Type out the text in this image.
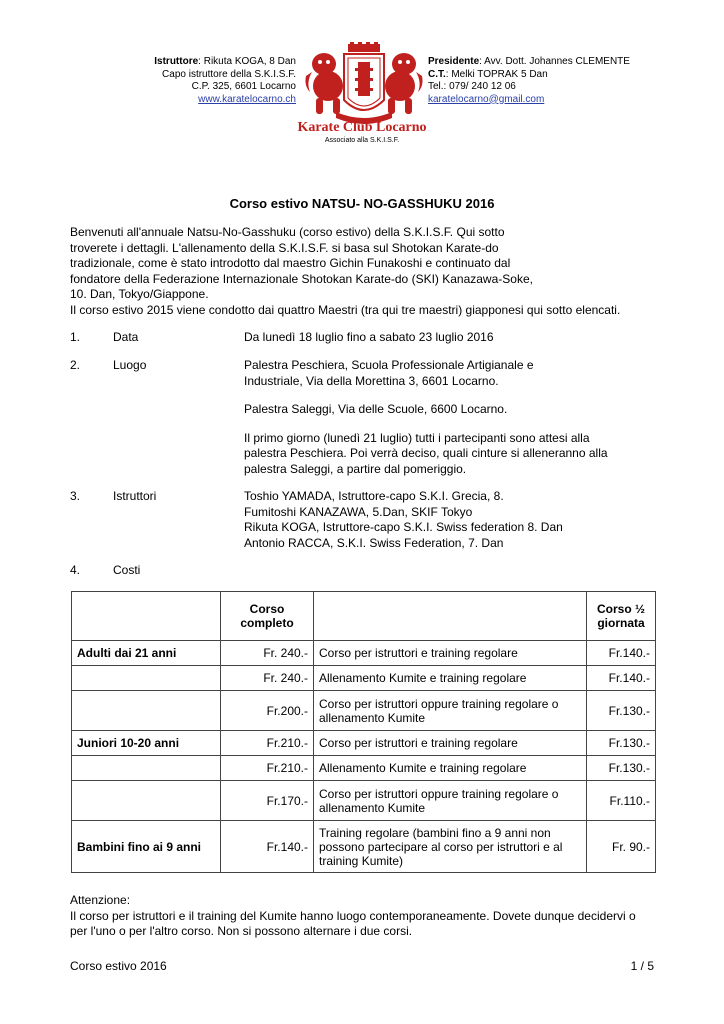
Istruttore: Rikuta KOGA, 8 Dan
Capo istruttore della S.K.I.S.F.
C.P. 325, 6601 Locarno
www.karatelocarno.ch
Presidente: Avv. Dott. Johannes CLEMENTE
C.T.: Melki TOPRAK 5 Dan
Tel.: 079/ 240 12 06
karatelocarno@gmail.com
Karate Club Locarno
Associato alla S.K.I.S.F.
Corso estivo NATSU- NO-GASSHUKU 2016
Benvenuti all'annuale Natsu-No-Gasshuku (corso estivo) della S.K.I.S.F. Qui sotto
troverete i dettagli. L'allenamento della S.K.I.S.F. si basa sul Shotokan Karate-do
tradizionale, come è stato introdotto dal maestro Gichin Funakoshi e continuato dal
fondatore della Federazione Internazionale Shotokan Karate-do (SKI) Kanazawa-Soke,
10. Dan, Tokyo/Giappone.
Il corso estivo 2015 viene condotto dai quattro Maestri (tra qui tre maestri) giapponesi qui sotto elencati.
1.	Data	Da lunedì 18 luglio fino a sabato 23 luglio 2016
2.	Luogo	Palestra Peschiera, Scuola Professionale Artigianale e
Industriale, Via della Morettina 3, 6601 Locarno.
Palestra Saleggi, Via delle Scuole, 6600 Locarno.
Il primo giorno (lunedì 21 luglio) tutti i partecipanti sono attesi alla
palestra Peschiera. Poi verrà deciso, quali cinture si alleneranno alla
palestra Saleggi, a partire dal pomeriggio.
3.	Istruttori	Toshio YAMADA, Istruttore-capo S.K.I. Grecia, 8.
Fumitoshi KANAZAWA, 5.Dan, SKIF Tokyo
Rikuta KOGA, Istruttore-capo S.K.I. Swiss federation 8. Dan
Antonio RACCA, S.K.I. Swiss Federation, 7. Dan
4.	Costi
	Corso completo		Corso ½ giornata
Adulti dai 21 anni	Fr. 240.-	Corso per istruttori e training regolare	Fr.140.-
	Fr. 240.-	Allenamento Kumite e training regolare	Fr.140.-
	Fr.200.-	Corso per istruttori oppure training regolare o allenamento Kumite	Fr.130.-
Juniori 10-20 anni	Fr.210.-	Corso per istruttori e training regolare	Fr.130.-
	Fr.210.-	Allenamento Kumite e training regolare	Fr.130.-
	Fr.170.-	Corso per istruttori oppure training regolare o allenamento Kumite	Fr.110.-
Bambini fino ai 9 anni	Fr.140.-	Training regolare (bambini fino a 9 anni non possono partecipare al corso per istruttori e al training Kumite)	Fr. 90.-
Attenzione:
Il corso per istruttori e il training del Kumite hanno luogo contemporaneamente. Dovete dunque decidervi o
per l'uno o per l'altro corso. Non si possono alternare i due corsi.
Corso estivo 2016	1 / 5
